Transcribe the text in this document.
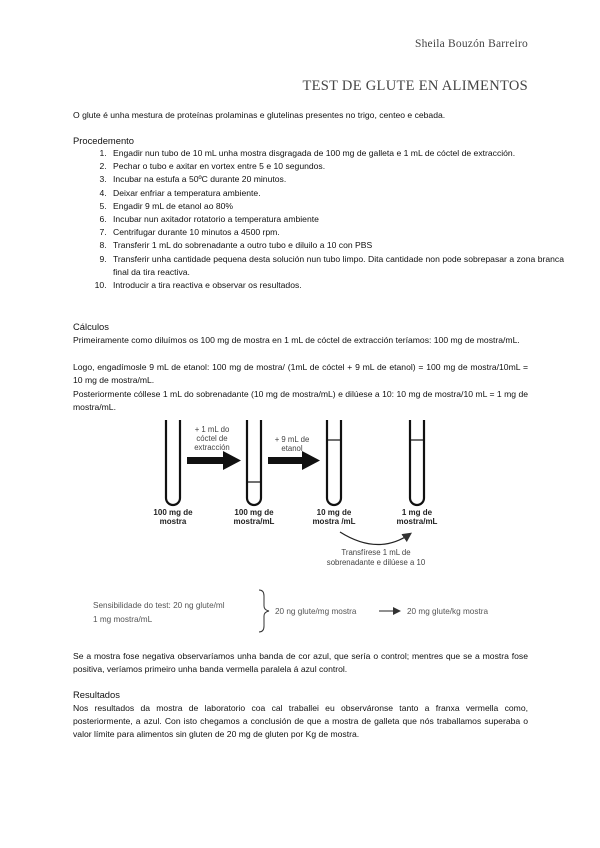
Sheila Bouzón Barreiro
TEST DE GLUTE EN ALIMENTOS

O glute é unha mestura de proteínas prolaminas e glutelinas presentes no trigo, centeo e cebada.

Procedemento

1. Engadir nun tubo de 10 mL unha mostra disgragada de 100 mg de galleta e 1 mL de cóctel de extracción.
2. Pechar o tubo e axitar en vortex entre 5 e 10 segundos.
3. Incubar na estufa a 50ºC durante 20 minutos.
4. Deixar enfriar a temperatura ambiente.
5. Engadir 9 mL de etanol ao 80%
6. Incubar nun axitador rotatorio a temperatura ambiente
7. Centrifugar durante 10 minutos a 4500 rpm.
8. Transferir 1 mL do sobrenadante a outro tubo e diluilo a 10 con PBS
9. Transferir unha cantidade pequena desta solución nun tubo limpo. Dita cantidade non pode sobrepasar a zona branca final da tira reactiva.
10. Introducir a tira reactiva e observar os resultados.

Cálculos

Primeiramente como diluímos os 100 mg de mostra en 1 mL de cóctel de extracción teríamos: 100 mg de mostra/mL.

Logo, engadímosle 9 mL de etanol: 100 mg de mostra/ (1mL de cóctel + 9 mL de etanol) = 100 mg de mostra/10mL = 10 mg de mostra/mL.

Posteriormente cóllese 1 mL do sobrenadante (10 mg de mostra/mL) e dilúese a 10: 10 mg de mostra/10 mL = 1 mg de mostra/mL.

+ 1 mL do
cóctel de
extracción
+ 9 mL de
etanol
100 mg de
mostra
100 mg de
mostra/mL
10 mg de
mostra /mL
1 mg de
mostra/mL
Transfírese 1 mL de
sobrenadante e dilúese a 10
Sensibilidade do test: 20 ng glute/ml
1 mg mostra/mL
20 ng glute/mg mostra	20 mg glute/kg mostra

Se a mostra fose negativa observaríamos unha banda de cor azul, que sería o control; mentres que se a mostra fose positiva, veríamos primeiro unha banda vermella paralela á azul control.

Resultados

Nos resultados da mostra de laboratorio coa cal traballei eu observáronse tanto a franxa vermella como, posteriormente, a azul. Con isto chegamos a conclusión de que a mostra de galleta que nós traballamos superaba o valor límite para alimentos sin gluten de 20 mg de gluten por Kg de mostra.
